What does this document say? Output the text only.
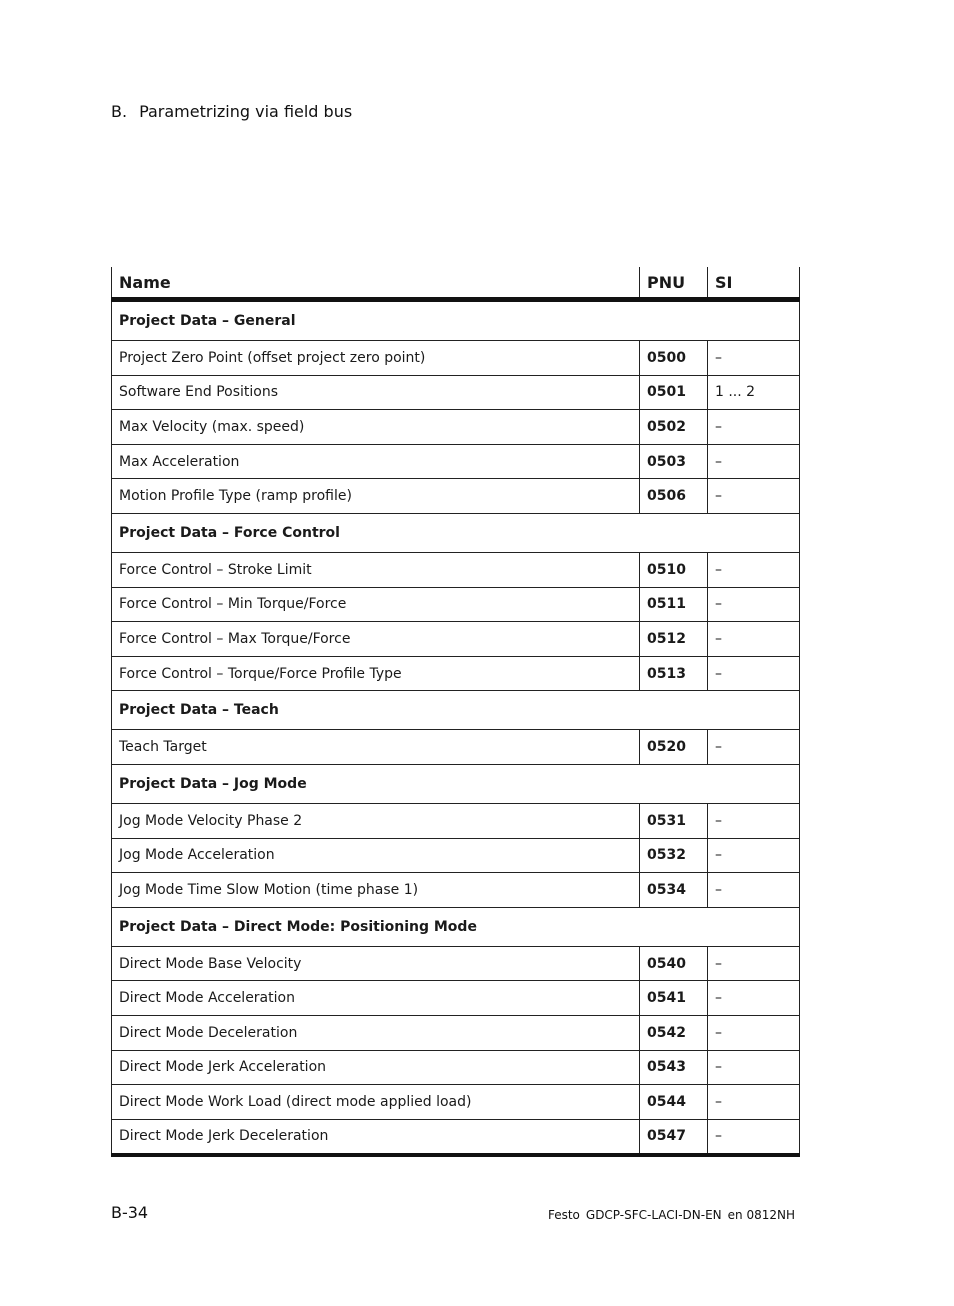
B. Parametrizing via field bus
Name	PNU	SI
Project Data – General		
Project Zero Point (offset project zero point)	0500	–
Software End Positions	0501	1 ... 2
Max Velocity (max. speed)	0502	–
Max Acceleration	0503	–
Motion Profile Type (ramp profile)	0506	–
Project Data – Force Control		
Force Control – Stroke Limit	0510	–
Force Control – Min Torque/Force	0511	–
Force Control – Max Torque/Force	0512	–
Force Control – Torque/Force Profile Type	0513	–
Project Data – Teach		
Teach Target	0520	–
Project Data – Jog Mode		
Jog Mode Velocity Phase 2	0531	–
Jog Mode Acceleration	0532	–
Jog Mode Time Slow Motion (time phase 1)	0534	–
Project Data – Direct Mode: Positioning Mode		
Direct Mode Base Velocity	0540	–
Direct Mode Acceleration	0541	–
Direct Mode Deceleration	0542	–
Direct Mode Jerk Acceleration	0543	–
Direct Mode Work Load (direct mode applied load)	0544	–
Direct Mode Jerk Deceleration	0547	–
B-34	Festo GDCP-SFC-LACI-DN-EN en 0812NH
